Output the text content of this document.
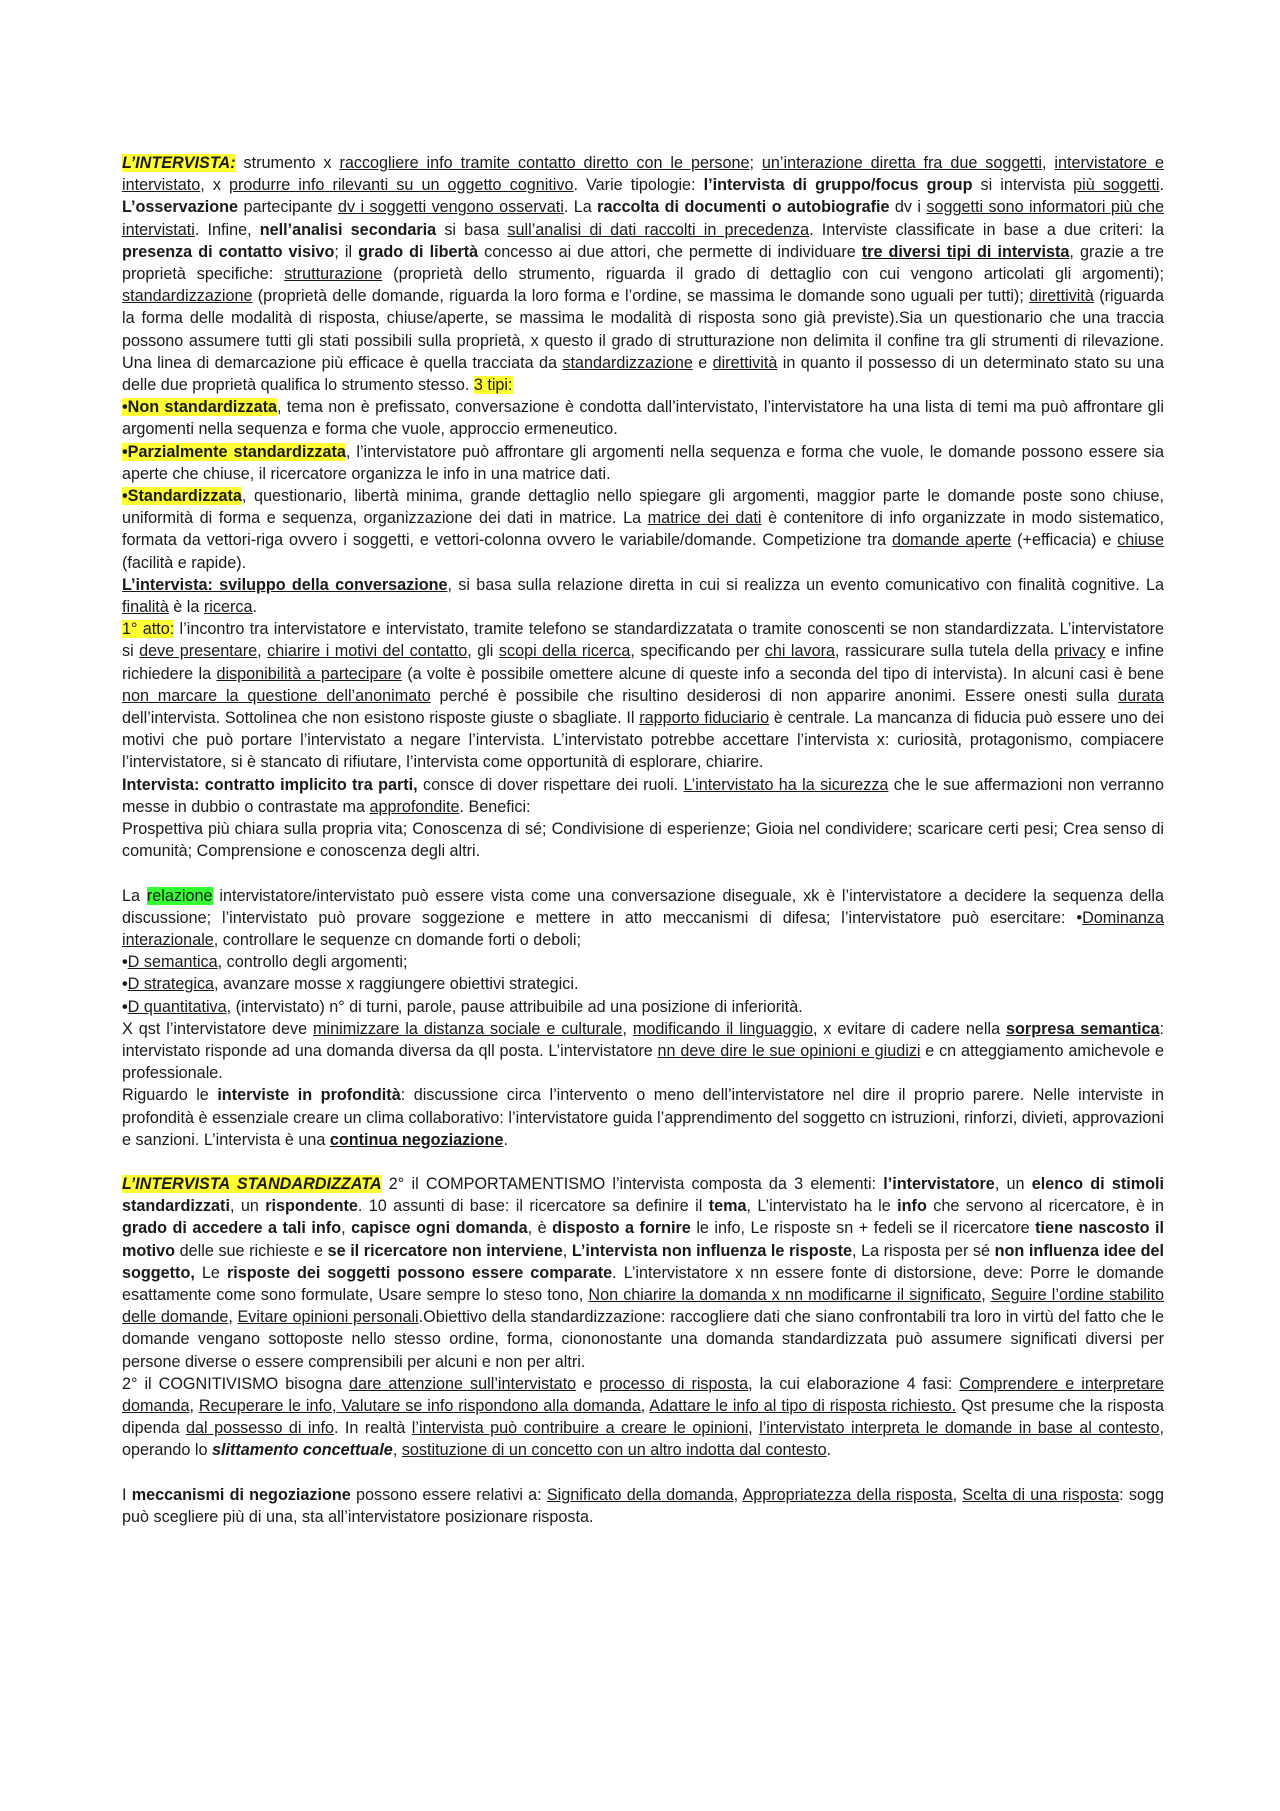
L’INTERVISTA: strumento x raccogliere info tramite contatto diretto con le persone; un’interazione diretta fra due soggetti, intervistatore e intervistato, x produrre info rilevanti su un oggetto cognitivo. Varie tipologie: l’intervista di gruppo/focus group si intervista più soggetti. L’osservazione partecipante dv i soggetti vengono osservati. La raccolta di documenti o autobiografie dv i soggetti sono informatori più che intervistati. Infine, nell’analisi secondaria si basa sull’analisi di dati raccolti in precedenza. Interviste classificate in base a due criteri: la presenza di contatto visivo; il grado di libertà concesso ai due attori, che permette di individuare tre diversi tipi di intervista, grazie a tre proprietà specifiche: strutturazione (proprietà dello strumento, riguarda il grado di dettaglio con cui vengono articolati gli argomenti); standardizzazione (proprietà delle domande, riguarda la loro forma e l’ordine, se massima le domande sono uguali per tutti); direttività (riguarda la forma delle modalità di risposta, chiuse/aperte, se massima le modalità di risposta sono già previste).Sia un questionario che una traccia possono assumere tutti gli stati possibili sulla proprietà, x questo il grado di strutturazione non delimita il confine tra gli strumenti di rilevazione. Una linea di demarcazione più efficace è quella tracciata da standardizzazione e direttività in quanto il possesso di un determinato stato su una delle due proprietà qualifica lo strumento stesso. 3 tipi:

•Non standardizzata, tema non è prefissato, conversazione è condotta dall’intervistato, l’intervistatore ha una lista di temi ma può affrontare gli argomenti nella sequenza e forma che vuole, approccio ermeneutico.

•Parzialmente standardizzata, l’intervistatore può affrontare gli argomenti nella sequenza e forma che vuole, le domande possono essere sia aperte che chiuse, il ricercatore organizza le info in una matrice dati.

•Standardizzata, questionario, libertà minima, grande dettaglio nello spiegare gli argomenti, maggior parte le domande poste sono chiuse, uniformità di forma e sequenza, organizzazione dei dati in matrice. La matrice dei dati è contenitore di info organizzate in modo sistematico, formata da vettori-riga ovvero i soggetti, e vettori-colonna ovvero le variabile/domande. Competizione tra domande aperte (+efficacia) e chiuse (facilità e rapide).

L’intervista: sviluppo della conversazione, si basa sulla relazione diretta in cui si realizza un evento comunicativo con finalità cognitive. La finalità è la ricerca.

1° atto: l’incontro tra intervistatore e intervistato, tramite telefono se standardizzatata o tramite conoscenti se non standardizzata. L’intervistatore si deve presentare, chiarire i motivi del contatto, gli scopi della ricerca, specificando per chi lavora, rassicurare sulla tutela della privacy e infine richiedere la disponibilità a partecipare (a volte è possibile omettere alcune di queste info a seconda del tipo di intervista). In alcuni casi è bene non marcare la questione dell’anonimato perché è possibile che risultino desiderosi di non apparire anonimi. Essere onesti sulla durata dell’intervista. Sottolinea che non esistono risposte giuste o sbagliate. Il rapporto fiduciario è centrale. La mancanza di fiducia può essere uno dei motivi che può portare l’intervistato a negare l’intervista. L’intervistato potrebbe accettare l’intervista x: curiosità, protagonismo, compiacere l’intervistatore, si è stancato di rifiutare, l’intervista come opportunità di esplorare, chiarire.

Intervista: contratto implicito tra parti, consce di dover rispettare dei ruoli. L’intervistato ha la sicurezza che le sue affermazioni non verranno messe in dubbio o contrastate ma approfondite. Benefici:

Prospettiva più chiara sulla propria vita; Conoscenza di sé; Condivisione di esperienze; Gioia nel condividere; scaricare certi pesi; Crea senso di comunità; Comprensione e conoscenza degli altri.

La relazione intervistatore/intervistato può essere vista come una conversazione diseguale, xk è l’intervistatore a decidere la sequenza della discussione; l’intervistato può provare soggezione e mettere in atto meccanismi di difesa; l’intervistatore può esercitare: •Dominanza interazionale, controllare le sequenze cn domande forti o deboli;

•D semantica, controllo degli argomenti;

•D strategica, avanzare mosse x raggiungere obiettivi strategici.

•D quantitativa, (intervistato) n° di turni, parole, pause attribuibile ad una posizione di inferiorità.

X qst l’intervistatore deve minimizzare la distanza sociale e culturale, modificando il linguaggio, x evitare di cadere nella sorpresa semantica: intervistato risponde ad una domanda diversa da qll posta. L’intervistatore nn deve dire le sue opinioni e giudizi e cn atteggiamento amichevole e professionale.

Riguardo le interviste in profondità: discussione circa l’intervento o meno dell’intervistatore nel dire il proprio parere. Nelle interviste in profondità è essenziale creare un clima collaborativo: l’intervistatore guida l’apprendimento del soggetto cn istruzioni, rinforzi, divieti, approvazioni e sanzioni. L’intervista è una continua negoziazione.

L’INTERVISTA STANDARDIZZATA 2° il COMPORTAMENTISMO l’intervista composta da 3 elementi: l’intervistatore, un elenco di stimoli standardizzati, un rispondente. 10 assunti di base: il ricercatore sa definire il tema, L’intervistato ha le info che servono al ricercatore, è in grado di accedere a tali info, capisce ogni domanda, è disposto a fornire le info, Le risposte sn + fedeli se il ricercatore tiene nascosto il motivo delle sue richieste e se il ricercatore non interviene, L’intervista non influenza le risposte, La risposta per sé non influenza idee del soggetto, Le risposte dei soggetti possono essere comparate. L’intervistatore x nn essere fonte di distorsione, deve: Porre le domande esattamente come sono formulate, Usare sempre lo steso tono, Non chiarire la domanda x nn modificarne il significato, Seguire l’ordine stabilito delle domande, Evitare opinioni personali.Obiettivo della standardizzazione: raccogliere dati che siano confrontabili tra loro in virtù del fatto che le domande vengano sottoposte nello stesso ordine, forma, ciononostante una domanda standardizzata può assumere significati diversi per persone diverse o essere comprensibili per alcuni e non per altri.

2° il COGNITIVISMO bisogna dare attenzione sull’intervistato e processo di risposta, la cui elaborazione 4 fasi: Comprendere e interpretare domanda, Recuperare le info, Valutare se info rispondono alla domanda, Adattare le info al tipo di risposta richiesto. Qst presume che la risposta dipenda dal possesso di info. In realtà l’intervista può contribuire a creare le opinioni, l’intervistato interpreta le domande in base al contesto, operando lo slittamento concettuale, sostituzione di un concetto con un altro indotta dal contesto.

I meccanismi di negoziazione possono essere relativi a: Significato della domanda, Appropriatezza della risposta, Scelta di una risposta: sogg può scegliere più di una, sta all’intervistatore posizionare risposta.
